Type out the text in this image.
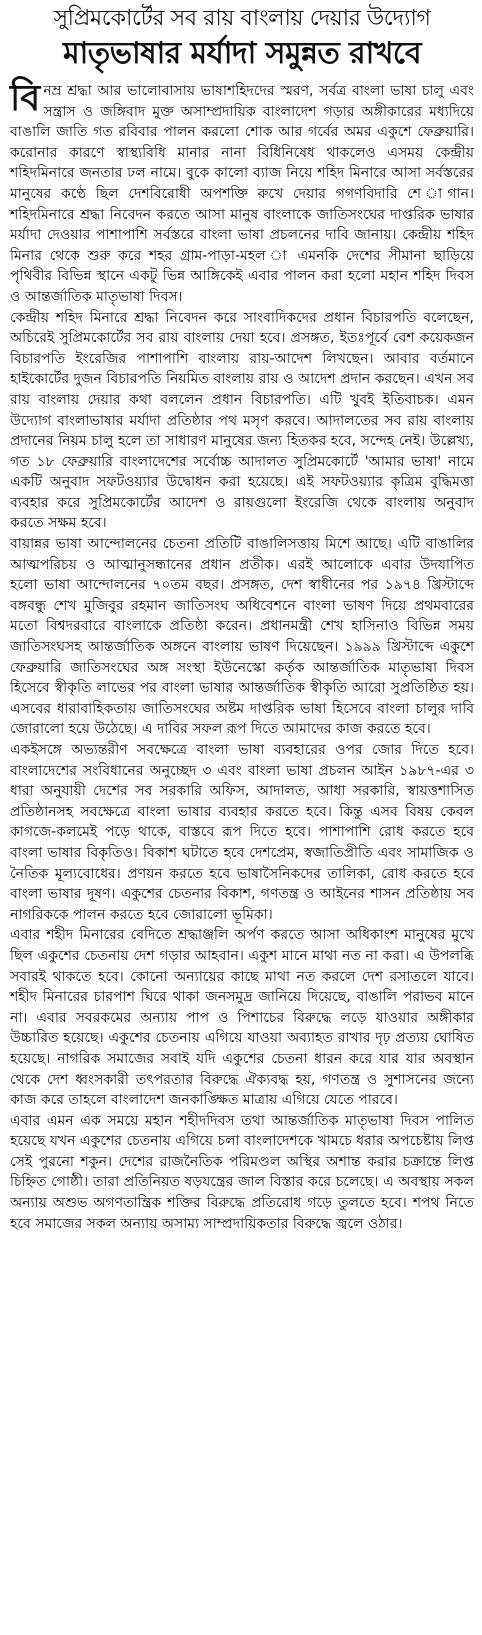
সুপ্রিমকোর্টের সব রায় বাংলায় দেয়ার উদ্যোগ
মাতৃভাষার মর্যাদা সমুন্নত রাখবে

বিনম্র শ্রদ্ধা আর ভালোবাসায় ভাষাশহিদদের স্মরণ, সর্বত্র বাংলা ভাষা চালু এবং সন্ত্রাস ও জঙ্গিবাদ মুক্ত অসাম্প্রদায়িক বাংলাদেশ গড়ার অঙ্গীকারের মধ্যদিয়ে বাঙালি জাতি গত রবিবার পালন করলো শোক আর গর্বের অমর একুশে ফেব্রুয়ারি। করোনার কারণে স্বাস্থ্যবিধি মানার নানা বিধিনিষেধ থাকলেও এসময় কেন্দ্রীয় শহিদমিনারে জনতার ঢল নামে। বুকে কালো ব্যাজ নিয়ে শহিদ মিনারে আসা সর্বস্তরের মানুষের কণ্ঠে ছিল দেশবিরোধী অপশক্তি রুখে দেয়ার গগণবিদারি শে াগান। শহিদমিনারে শ্রদ্ধা নিবেদন করতে আসা মানুষ বাংলাকে জাতিসংঘের দাপ্তরিক ভাষার মর্যাদা দেওয়ার পাশাপাশি সর্বস্তরে বাংলা ভাষা প্রচলনের দাবি জানায়। কেন্দ্রীয় শহিদ মিনার থেকে শুরু করে শহর গ্রাম-পাড়া-মহল া এমনকি দেশের সীমানা ছাড়িয়ে পৃথিবীর বিভিন্ন স্থানে একটু ভিন্ন আঙ্গিকেই এবার পালন করা হলো মহান শহিদ দিবস ও আন্তর্জাতিক মাতৃভাষা দিবস।

কেন্দ্রীয় শহিদ মিনারে শ্রদ্ধা নিবেদন করে সাংবাদিকদের প্রধান বিচারপতি বলেছেন, অচিরেই সুপ্রিমকোর্টের সব রায় বাংলায় দেয়া হবে। প্রসঙ্গত, ইতঃপূর্বে বেশ কয়েকজন বিচারপতি ইংরেজির পাশাপাশি বাংলায় রায়-আদেশ লিখছেন। আবার বর্তমানে হাইকোর্টের দুজন বিচারপতি নিয়মিত বাংলায় রায় ও আদেশ প্রদান করছেন। এখন সব রায় বাংলায় দেয়ার কথা বললেন প্রধান বিচারপতি। এটি খুবই ইতিবাচক। এমন উদ্যোগ বাংলাভাষার মর্যাদা প্রতিষ্ঠার পথ মসৃণ করবে। আদালতের সব রায় বাংলায় প্রদানের নিয়ম চালু হলে তা সাধারণ মানুষের জন্য হিতকর হবে, সন্দেহ নেই। উল্লেখ্য, গত ১৮ ফেব্রুয়ারি বাংলাদেশের সর্বোচ্চ আদালত সুপ্রিমকোর্টে 'আমার ভাষা' নামে একটি অনুবাদ সফটওয়্যার উদ্বোধন করা হয়েছে। এই সফটওয়্যার কৃত্রিম বুদ্ধিমত্তা ব্যবহার করে সুপ্রিমকোর্টের আদেশ ও রায়গুলো ইংরেজি থেকে বাংলায় অনুবাদ করতে সক্ষম হবে।

বায়ান্নর ভাষা আন্দোলনের চেতনা প্রতিটি বাঙালিসত্তায় মিশে আছে। এটি বাঙালির আত্মপরিচয় ও আত্মানুসন্ধানের প্রধান প্রতীক। এরই আলোকে এবার উদযাপিত হলো ভাষা আন্দোলনের ৭০তম বছর। প্রসঙ্গত, দেশ স্বাধীনের পর ১৯৭৪ খ্রিস্টাব্দে বঙ্গবন্ধু শেখ মুজিবুর রহমান জাতিসংঘ অধিবেশনে বাংলা ভাষণ দিয়ে প্রথমবারের মতো বিশ্বদরবারে বাংলাকে প্রতিষ্ঠা করেন। প্রধানমন্ত্রী শেখ হাসিনাও বিভিন্ন সময় জাতিসংঘসহ আন্তর্জাতিক অঙ্গনে বাংলায় ভাষণ দিয়েছেন। ১৯৯৯ খ্রিস্টাব্দে একুশে ফেব্রুয়ারি জাতিসংঘের অঙ্গ সংস্থা ইউনেস্কো কর্তৃক আন্তর্জাতিক মাতৃভাষা দিবস হিসেবে স্বীকৃতি লাভের পর বাংলা ভাষার আন্তর্জাতিক স্বীকৃতি আরো সুপ্রতিষ্ঠিত হয়। এসবের ধারাবাহিকতায় জাতিসংঘের অষ্টম দাপ্তরিক ভাষা হিসেবে বাংলা চালুর দাবি জোরালো হয়ে উঠেছে। এ দাবির সফল রূপ দিতে আমাদের কাজ করতে হবে।

একইসঙ্গে অভ্যন্তরীণ সবক্ষেত্রে বাংলা ভাষা ব্যবহারের ওপর জোর দিতে হবে। বাংলাদেশের সংবিধানের অনুচ্ছেদ ৩ এবং বাংলা ভাষা প্রচলন আইন ১৯৮৭-এর ৩ ধারা অনুযায়ী দেশের সব সরকারি অফিস, আদালত, আধা সরকারি, স্বায়ত্তশাসিত প্রতিষ্ঠানসহ সবক্ষেত্রে বাংলা ভাষার ব্যবহার করতে হবে। কিন্তু এসব বিষয় কেবল কাগজে-কলমেই পড়ে থাকে, বাস্তবে রূপ দিতে হবে। পাশাপাশি রোধ করতে হবে বাংলা ভাষার বিকৃতিও। বিকাশ ঘটাতে হবে দেশপ্রেম, স্বজাতিপ্রীতি এবং সামাজিক ও নৈতিক মূল্যবোধের। প্রণয়ন করতে হবে ভাষাসৈনিকদের তালিকা, রোধ করতে হবে বাংলা ভাষার দূষণ। একুশের চেতনার বিকাশ, গণতন্ত্র ও আইনের শাসন প্রতিষ্ঠায় সব নাগরিককে পালন করতে হবে জোরালো ভূমিকা।

এবার শহীদ মিনারের বেদিতে শ্রদ্ধাঞ্জলি অর্পণ করতে আসা অধিকাংশ মানুষের মুখে ছিল একুশের চেতনায় দেশ গড়ার আহবান। একুশ মানে মাথা নত না করা। এ উপলব্ধি সবারই থাকতে হবে। কোনো অন্যায়ের কাছে মাথা নত করলে দেশ রসাতলে যাবে। শহীদ মিনারের চারপাশ ঘিরে থাকা জনসমুদ্র জানিয়ে দিয়েছে, বাঙালি পরাভব মানে না। এবার সবরকমের অন্যায় পাপ ও পিশাচের বিরুদ্ধে লড়ে যাওয়ার অঙ্গীকার উচ্চারিত হয়েছে। একুশের চেতনায় এগিয়ে যাওয়া অব্যাহত রাখার দৃঢ় প্রত্যয় ঘোষিত হয়েছে। নাগরিক সমাজের সবাই যদি একুশের চেতনা ধারন করে যার যার অবস্থান থেকে দেশ ধ্বংসকারী তৎপরতার বিরুদ্ধে ঐক্যবদ্ধ হয়, গণতন্ত্র ও সুশাসনের জন্যে কাজ করে তাহলে বাংলাদেশ জনকাঙ্ক্ষিত মাত্রায় এগিয়ে যেতে পারবে।

এবার এমন এক সময়ে মহান শহীদদিবস তথা আন্তর্জাতিক মাতৃভাষা দিবস পালিত হয়েছে যখন একুশের চেতনায় এগিয়ে চলা বাংলাদেশকে খামচে ধরার অপচেষ্টায় লিপ্ত সেই পুরনো শকুন। দেশের রাজনৈতিক পরিমণ্ডল অস্থির অশান্ত করার চক্রান্তে লিপ্ত চিহ্নিত গোষ্ঠী। তারা প্রতিনিয়ত ষড়যন্ত্রের জাল বিস্তার করে চলেছে। এ অবস্থায় সকল অন্যায় অশুভ অগণতান্ত্রিক শক্তির বিরুদ্ধে প্রতিরোধ গড়ে তুলতে হবে। শপথ নিতে হবে সমাজের সকল অন্যায় অসাম্য সাম্প্রদায়িকতার বিরুদ্ধে জ্বলে ওঠার।
